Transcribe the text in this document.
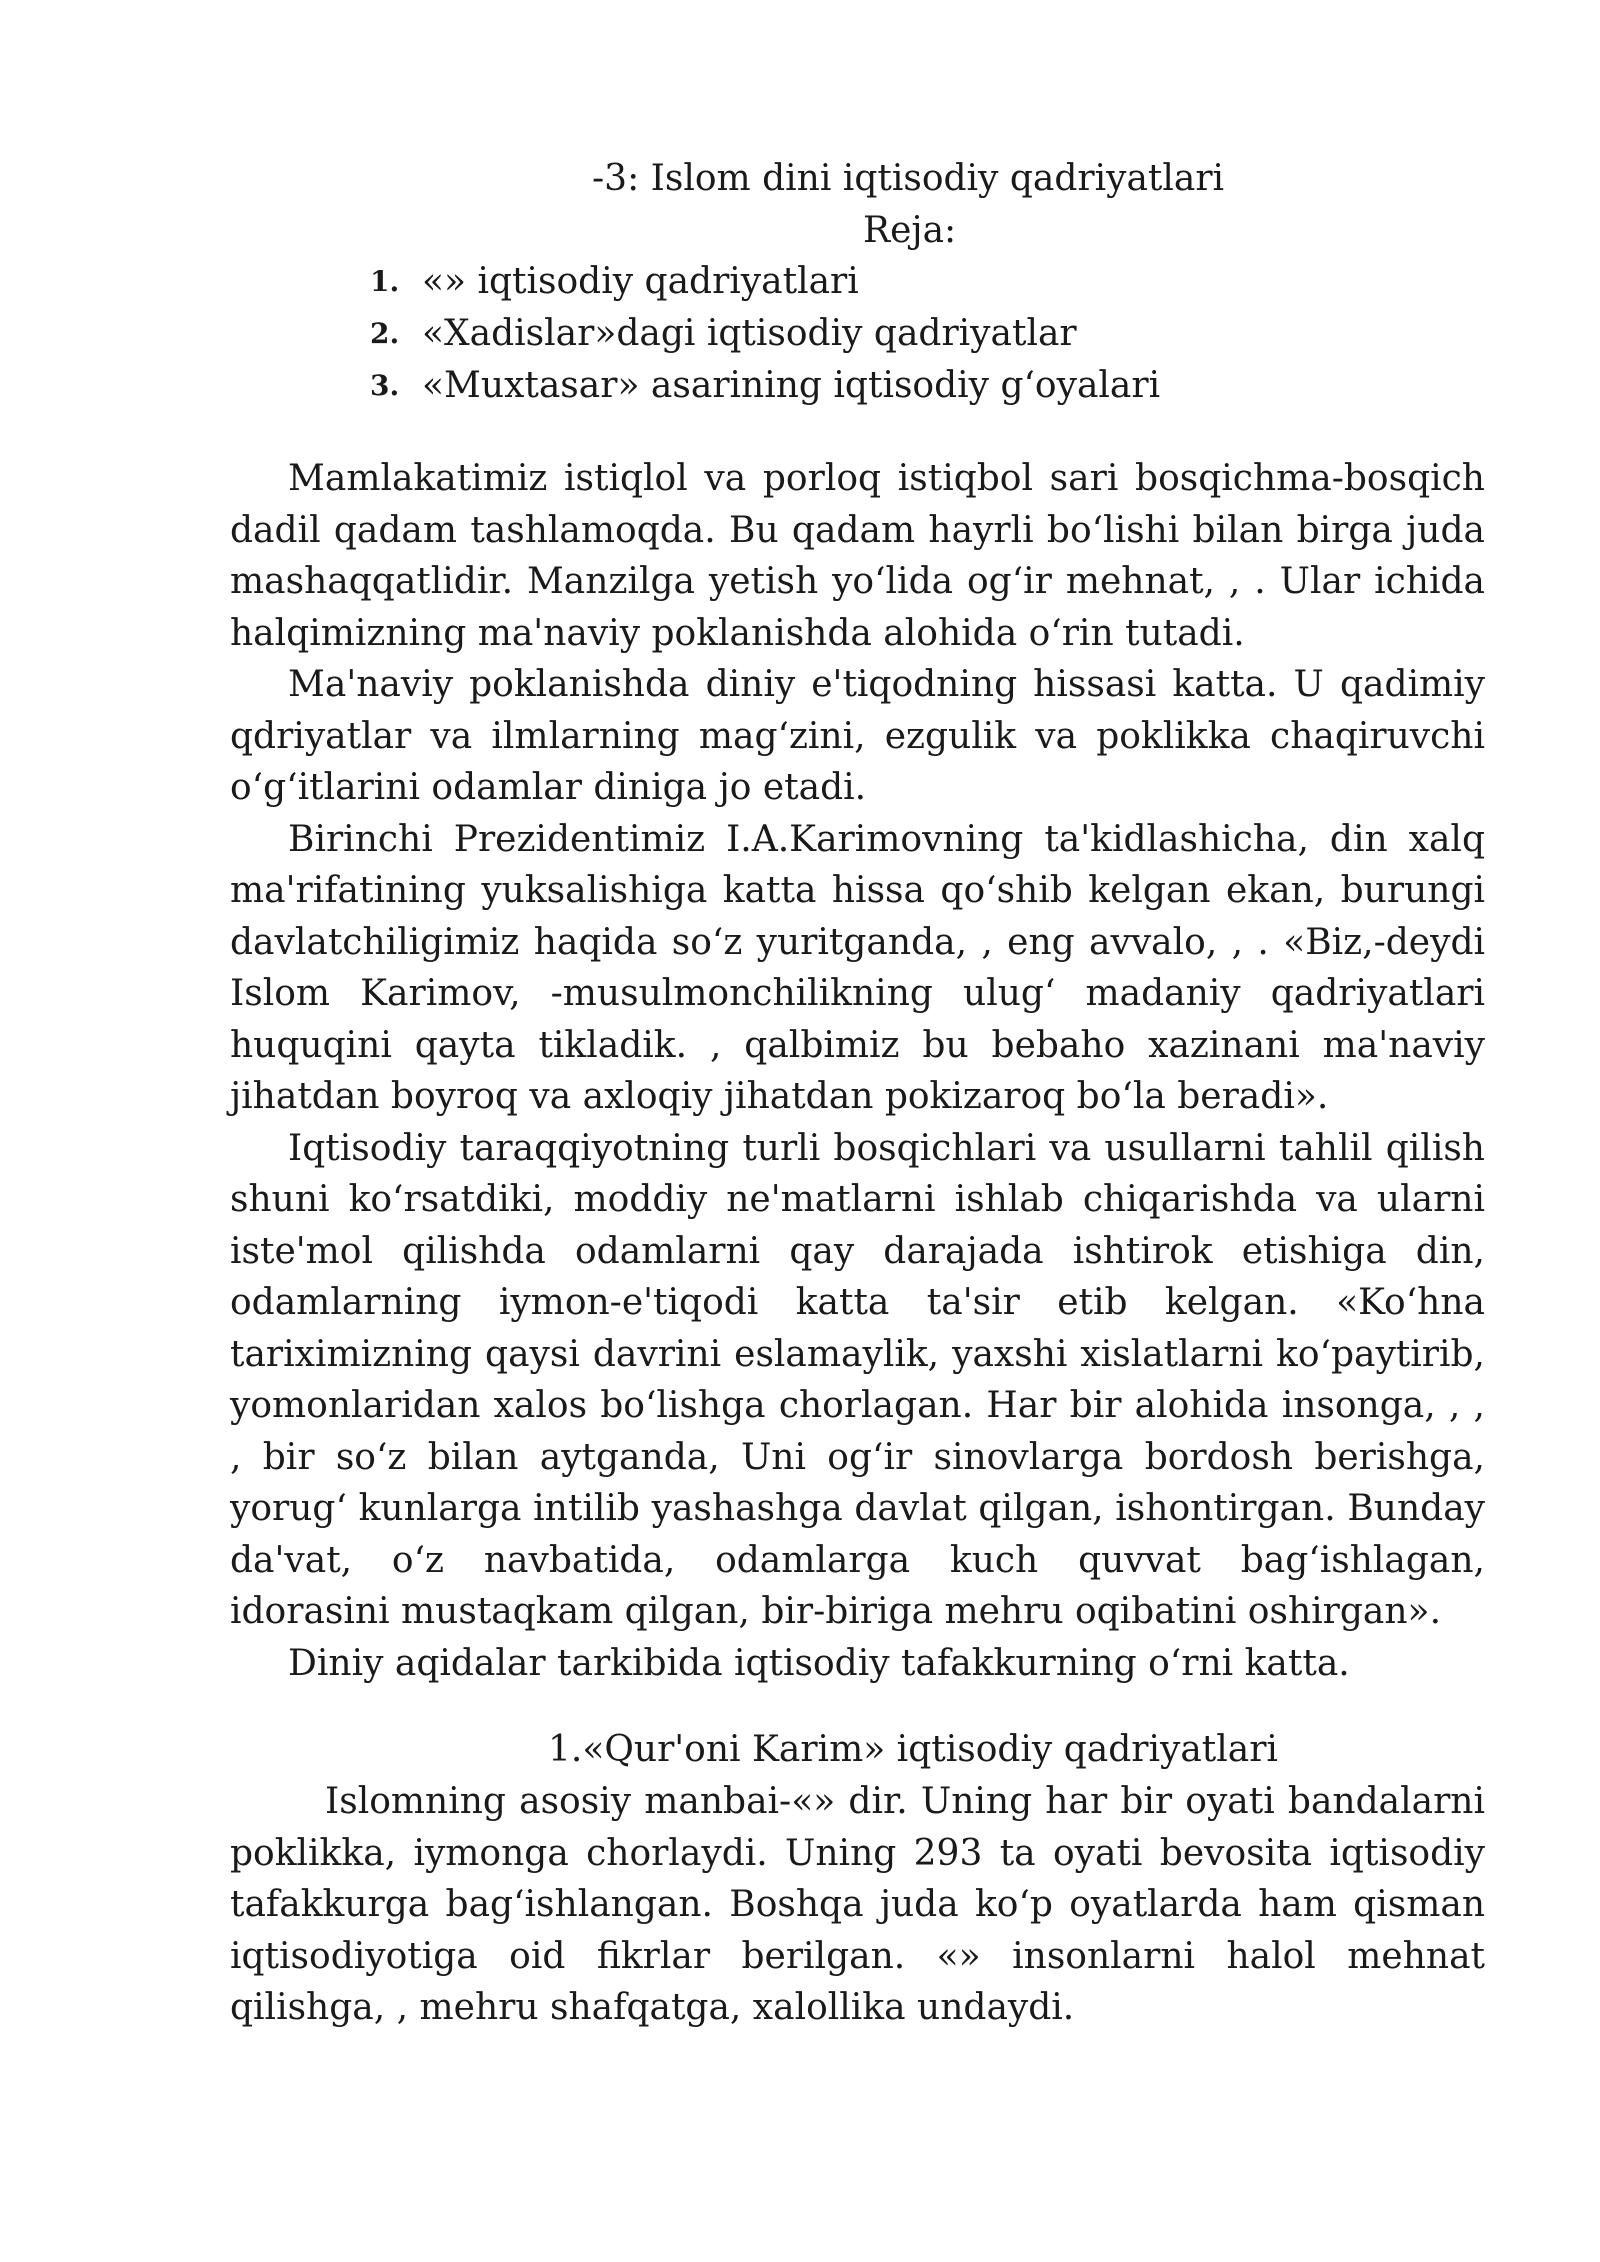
-3: Islom dini iqtisodiy qadriyatlari
Reja:
1. «» iqtisodiy qadriyatlari
2. «Xadislar»dagi iqtisodiy qadriyatlar
3. «Muxtasar» asarining iqtisodiy g‘oyalari

Mamlakatimiz istiqlol va porloq istiqbol sari bosqichma-bosqich dadil qadam tashlamoqda. Bu qadam hayrli bo‘lishi bilan birga juda mashaqqatlidir. Manzilga yetish yo‘lida og‘ir mehnat, , . Ular ichida halqimizning ma'naviy poklanishda alohida o‘rin tutadi.

Ma'naviy poklanishda diniy e'tiqodning hissasi katta. U qadimiy qdriyatlar va ilmlarning mag‘zini, ezgulik va poklikka chaqiruvchi o‘g‘itlarini odamlar diniga jo etadi.

Birinchi Prezidentimiz I.A.Karimovning ta'kidlashicha, din xalq ma'rifatining yuksalishiga katta hissa qo‘shib kelgan ekan, burungi davlatchiligimiz haqida so‘z yuritganda, , eng avvalo, , . «Biz,-deydi Islom Karimov, -musulmonchilikning ulug‘ madaniy qadriyatlari huquqini qayta tikladik. , qalbimiz bu bebaho xazinani ma'naviy jihatdan boyroq va axloqiy jihatdan pokizaroq bo‘la beradi».

Iqtisodiy taraqqiyotning turli bosqichlari va usullarni tahlil qilish shuni ko‘rsatdiki, moddiy ne'matlarni ishlab chiqarishda va ularni iste'mol qilishda odamlarni qay darajada ishtirok etishiga din, odamlarning iymon-e'tiqodi katta ta'sir etib kelgan. «Ko‘hna tariximizning qaysi davrini eslamaylik, yaxshi xislatlarni ko‘paytirib, yomonlaridan xalos bo‘lishga chorlagan. Har bir alohida insonga, , , , bir so‘z bilan aytganda, Uni og‘ir sinovlarga bordosh berishga, yorug‘ kunlarga intilib yashashga davlat qilgan, ishontirgan. Bunday da'vat, o‘z navbatida, odamlarga kuch quvvat bag‘ishlagan, idorasini mustaqkam qilgan, bir-biriga mehru oqibatini oshirgan».

Diniy aqidalar tarkibida iqtisodiy tafakkurning o‘rni katta.

1.«Qur'oni Karim» iqtisodiy qadriyatlari

Islomning asosiy manbai-«» dir. Uning har bir oyati bandalarni poklikka, iymonga chorlaydi. Uning 293 ta oyati bevosita iqtisodiy tafakkurga bag‘ishlangan. Boshqa juda ko‘p oyatlarda ham qisman iqtisodiyotiga oid fikrlar berilgan. «» insonlarni halol mehnat qilishga, , mehru shafqatga, xalollika undaydi.
